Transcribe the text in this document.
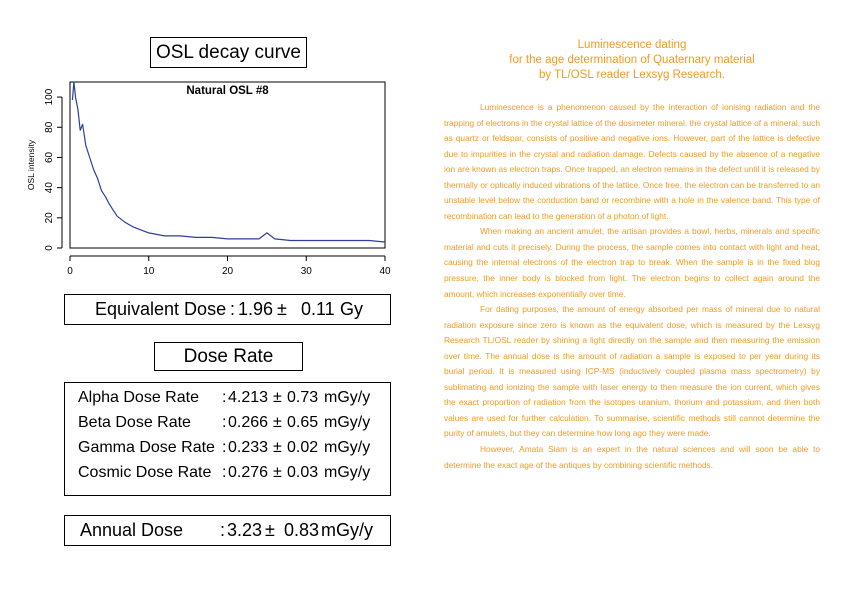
OSL decay curve
Natural OSL #8
0
20
40
60
80
100
OSL intensity
0	10	20	30	40
Equivalent Dose : 1.96 ± 0.11 Gy
Dose Rate
Alpha Dose Rate : 4.213 ± 0.73 mGy/y
Beta Dose Rate : 0.266 ± 0.65 mGy/y
Gamma Dose Rate : 0.233 ± 0.02 mGy/y
Cosmic Dose Rate : 0.276 ± 0.03 mGy/y
Annual Dose : 3.23 ± 0.83 mGy/y
Luminescence dating
for the age determination of Quaternary material
by TL/OSL reader Lexsyg Research.

Luminescence is a phenomenon caused by the interaction of ionising radiation and the trapping of electrons in the crystal lattice of the dosimeter mineral. the crystal lattice of a mineral, such as quartz or feldspar, consists of positive and negative ions. However, part of the lattice is defective due to impurities in the crystal and radiation damage. Defects caused by the absence of a negative ion are known as electron traps. Once trapped, an electron remains in the defect until it is released by thermally or optically induced vibrations of the lattice. Once free, the electron can be transferred to an unstable level below the conduction band or recombine with a hole in the valence band. This type of recombination can lead to the generation of a photon of light.

When making an ancient amulet, the artisan provides a bowl, herbs, minerals and specific material and cuts it precisely. During the process, the sample comes into contact with light and heat, causing the internal electrons of the electron trap to break. When the sample is in the fixed blog pressure, the inner body is blocked from light. The electron begins to collect again around the amount, which increases exponentially over time.

For dating purposes, the amount of energy absorbed per mass of mineral due to natural radiation exposure since zero is known as the equivalent dose, which is measured by the Lexsyg Research TL/OSL reader by shining a light directly on the sample and then measuring the emission over time. The annual dose is the amount of radiation a sample is exposed to per year during its burial period. It is measured using ICP-MS (inductively coupled plasma mass spectrometry) by sublimating and ionizing the sample with laser energy to then measure the ion current, which gives the exact proportion of radiation from the isotopes uranium, thorium and potassium, and then both values are used for further calculation. To summarise, scientific methods still cannot determine the purity of amulets, but they can determine how long ago they were made.

However, Amata Siam is an expert in the natural sciences and will soon be able to determine the exact age of the antiques by combining scientific methods.
